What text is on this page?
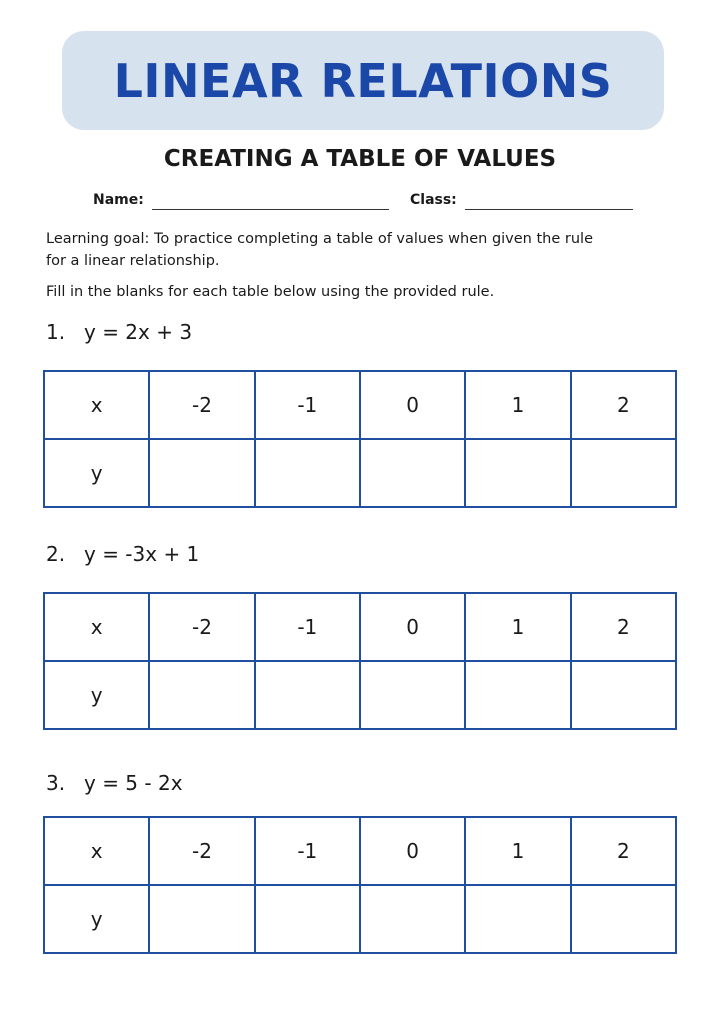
LINEAR RELATIONS
CREATING A TABLE OF VALUES
Name:	Class:
Learning goal: To practice completing a table of values when given the rule
for a linear relationship.
Fill in the blanks for each table below using the provided rule.
1. y = 2x + 3
x	-2	-1	0	1	2
y					
2. y = -3x + 1
x	-2	-1	0	1	2
y					
3. y = 5 - 2x
x	-2	-1	0	1	2
y					
